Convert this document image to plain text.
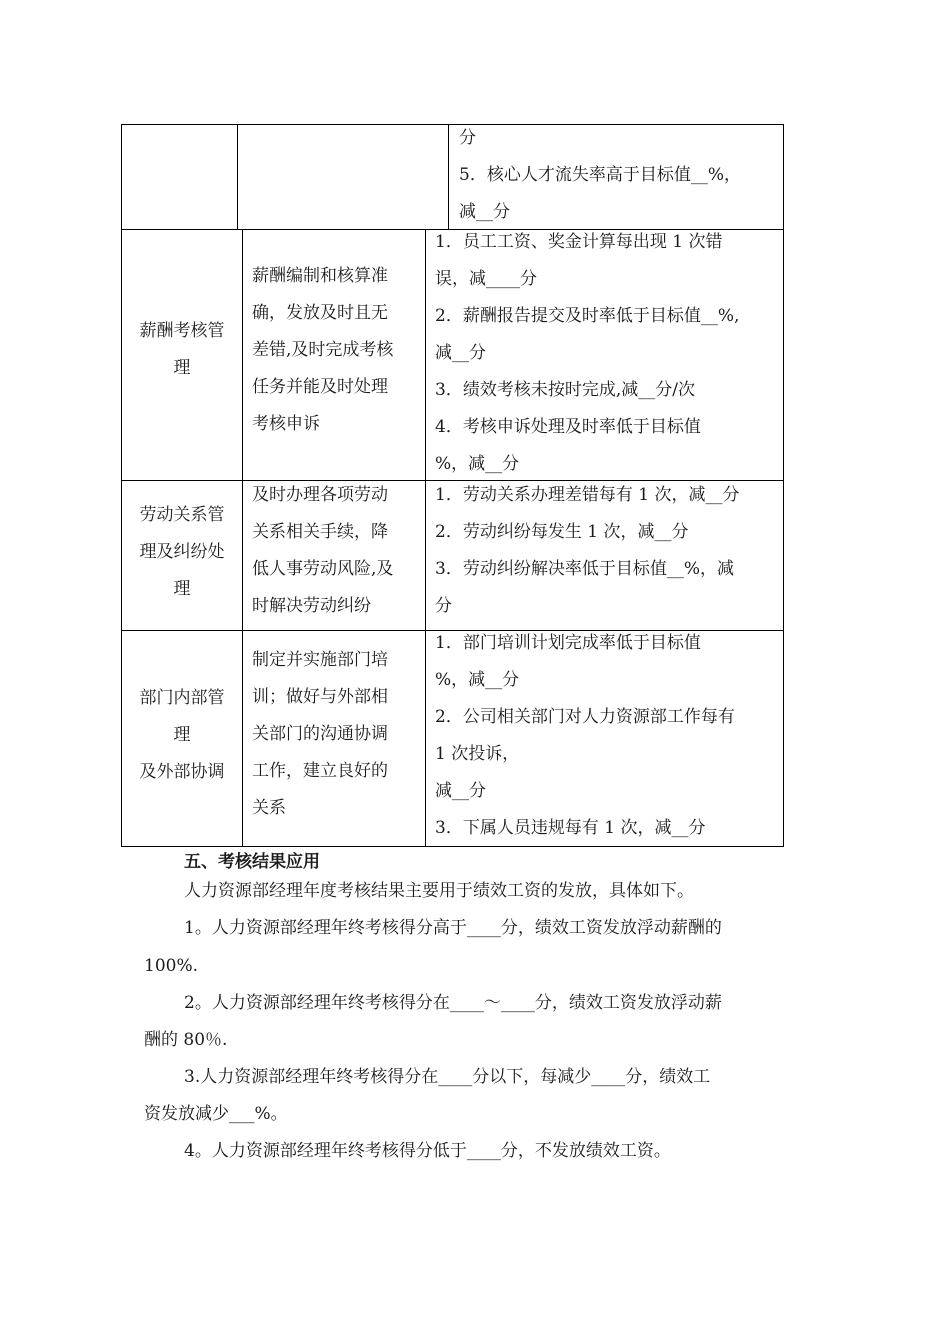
分
5．核心人才流失率高于目标值__%，
减__分
薪酬考核管
理
薪酬编制和核算准
确，发放及时且无
差错,及时完成考核
任务并能及时处理
考核申诉
1．员工工资、奖金计算每出现 1 次错
误，减____分
2．薪酬报告提交及时率低于目标值__%,
减__分
3．绩效考核未按时完成,减__分/次
4．考核申诉处理及时率低于目标值
%，减__分
劳动关系管
理及纠纷处
理
及时办理各项劳动
关系相关手续，降
低人事劳动风险,及
时解决劳动纠纷
1．劳动关系办理差错每有 1 次，减__分
2．劳动纠纷每发生 1 次，减__分
3．劳动纠纷解决率低于目标值__%，减
分
部门内部管
理
及外部协调
制定并实施部门培
训；做好与外部相
关部门的沟通协调
工作，建立良好的
关系
1．部门培训计划完成率低于目标值
%，减__分
2．公司相关部门对人力资源部工作每有
1 次投诉，
减__分
3．下属人员违规每有 1 次，减__分
五、考核结果应用
人力资源部经理年度考核结果主要用于绩效工资的发放，具体如下。
1。人力资源部经理年终考核得分高于____分，绩效工资发放浮动薪酬的
100%.
2。人力资源部经理年终考核得分在____～____分，绩效工资发放浮动薪
酬的 80％.
3.人力资源部经理年终考核得分在____分以下，每减少____分，绩效工
资发放减少___%。
4。人力资源部经理年终考核得分低于____分，不发放绩效工资。
